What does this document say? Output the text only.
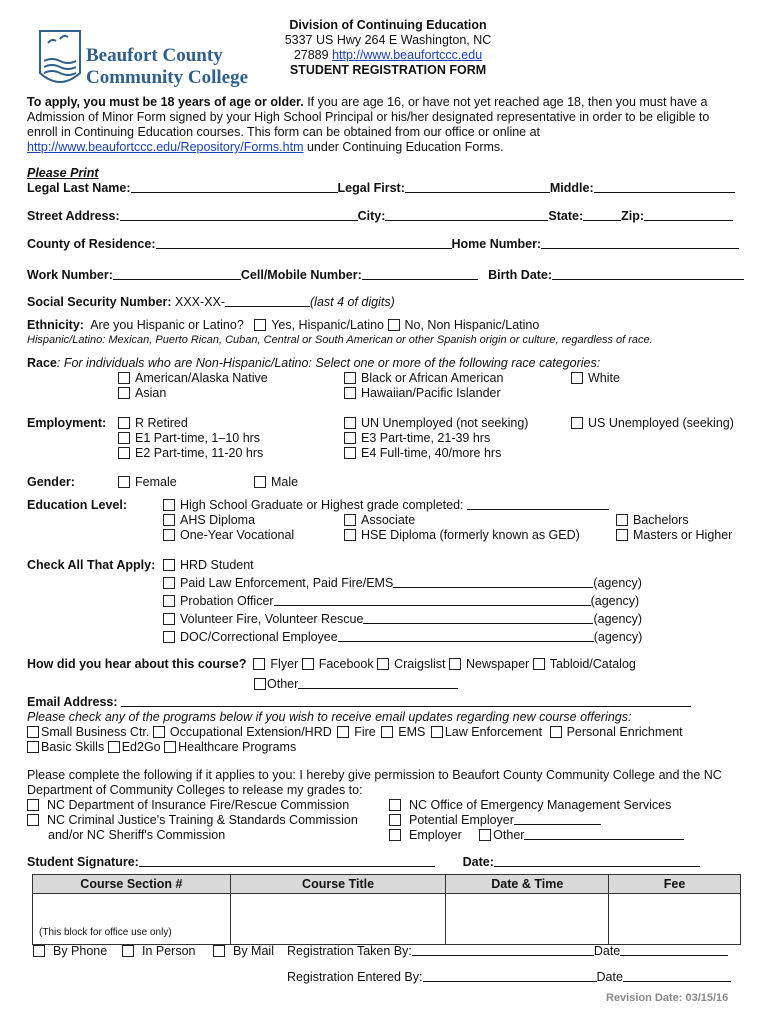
Beaufort County
Community College
Division of Continuing Education
5337 US Hwy 264 E Washington, NC
27889 http://www.beaufortccc.edu
STUDENT REGISTRATION FORM
To apply, you must be 18 years of age or older. If you are age 16, or have not yet reached age 18, then you must have a
Admission of Minor Form signed by your High School Principal or his/her designated representative in order to be eligible to
enroll in Continuing Education courses. This form can be obtained from our office or online at
http://www.beaufortccc.edu/Repository/Forms.htm under Continuing Education Forms.
Please Print
Legal Last Name:	Legal First:	Middle:
Street Address:	City:	State:	Zip:
County of Residence:	Home Number:
Work Number:	Cell/Mobile Number:	Birth Date:
Social Security Number: XXX-XX-	(last 4 of digits)
Ethnicity: Are you Hispanic or Latino? Yes, Hispanic/Latino No, Non Hispanic/Latino
Hispanic/Latino: Mexican, Puerto Rican, Cuban, Central or South American or other Spanish origin or culture, regardless of race.
Race: For individuals who are Non-Hispanic/Latino: Select one or more of the following race categories:
American/Alaska Native
Asian
Black or African American
Hawaiian/Pacific Islander
White
Employment:	R Retired
E1 Part-time, 1–10 hrs
E2 Part-time, 11-20 hrs
UN Unemployed (not seeking)
E3 Part-time, 21-39 hrs
E4 Full-time, 40/more hrs
US Unemployed (seeking)
Gender:	Female	Male
Education Level:	High School Graduate or Highest grade completed:
AHS Diploma
One-Year Vocational
Associate
HSE Diploma (formerly known as GED)
Bachelors
Masters or Higher
Check All That Apply:	HRD Student
Paid Law Enforcement, Paid Fire/EMS	(agency)
Probation Officer	(agency)
Volunteer Fire, Volunteer Rescue	(agency)
DOC/Correctional Employee	(agency)
How did you hear about this course? Flyer Facebook Craigslist Newspaper Tabloid/Catalog
Other
Email Address:
Please check any of the programs below if you wish to receive email updates regarding new course offerings:
Small Business Ctr. Occupational Extension/HRD Fire EMS Law Enforcement Personal Enrichment
Basic Skills Ed2Go Healthcare Programs
Please complete the following if it applies to you: I hereby give permission to Beaufort County Community College and the NC
Department of Community Colleges to release my grades to:
NC Department of Insurance Fire/Rescue Commission
NC Criminal Justice's Training & Standards Commission
and/or NC Sheriff's Commission
NC Office of Emergency Management Services
Potential Employer
Employer	Other
Student Signature:	Date:
Course Section #	Course Title	Date & Time	Fee
(This block for office use only)			
By Phone	In Person	By Mail Registration Taken By:	Date
Registration Entered By:	Date
Revision Date: 03/15/16
